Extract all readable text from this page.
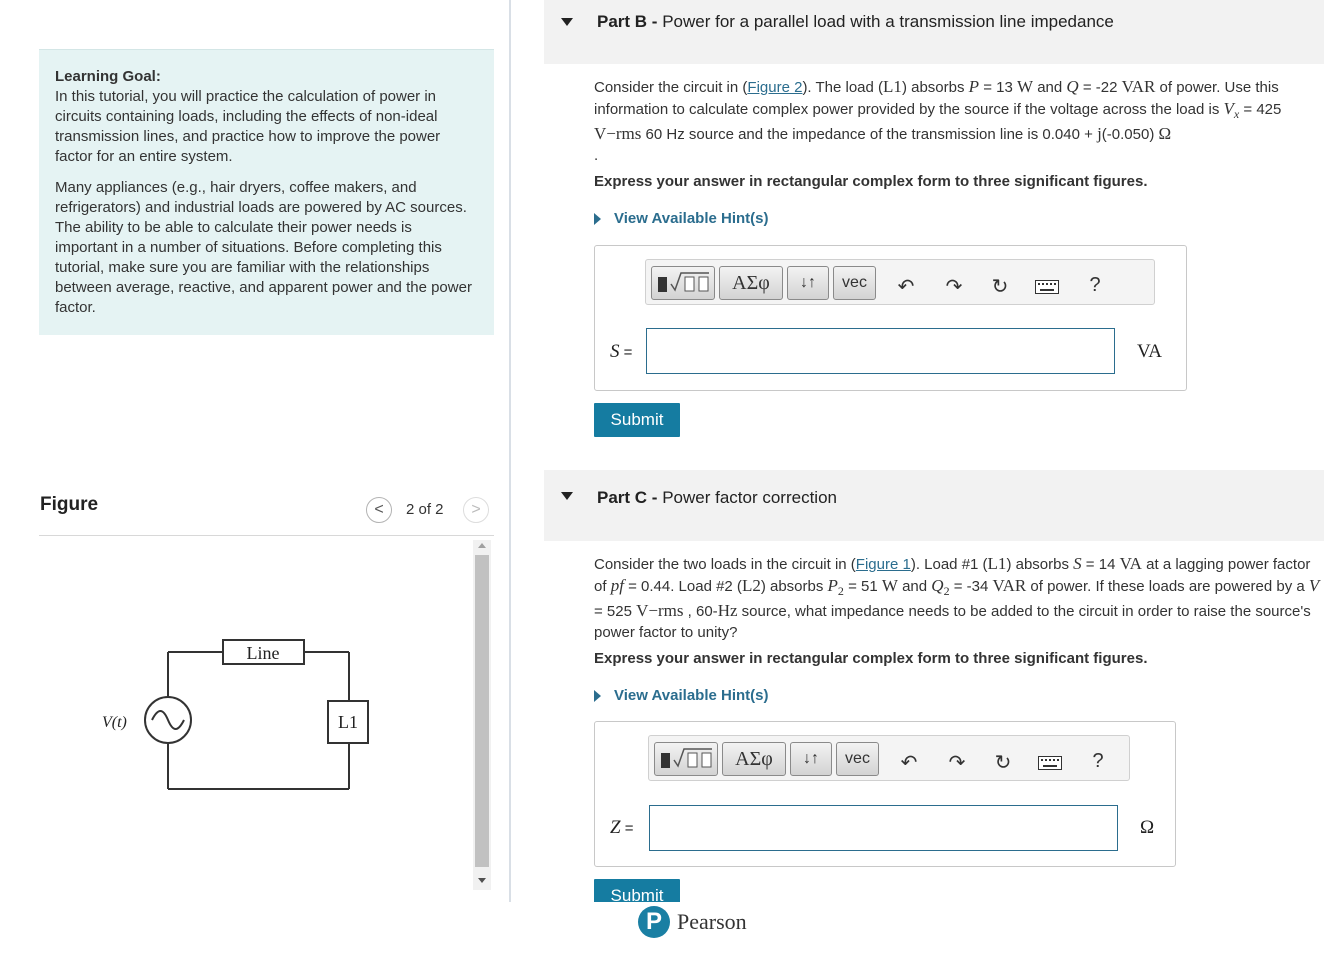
Learning Goal:
In this tutorial, you will practice the calculation of power in circuits containing loads, including the effects of non-ideal transmission lines, and practice how to improve the power factor for an entire system.

Many appliances (e.g., hair dryers, coffee makers, and refrigerators) and industrial loads are powered by AC sources. The ability to be able to calculate their power needs is important in a number of situations. Before completing this tutorial, make sure you are familiar with the relationships between average, reactive, and apparent power and the power factor.

Figure	< 2 of 2 >
Line
L1
V(t)
Part B - Power for a parallel load with a transmission line impedance
Consider the circuit in (Figure 2). The load (L1) absorbs P = 13 W and Q = -22 VAR of power. Use this information to calculate complex power provided by the source if the voltage across the load is $V_x = 425$ V−rms 60 Hz source and the impedance of the transmission line is 0.040 + j(-0.050) Ω
.
Express your answer in rectangular complex form to three significant figures.
View Available Hint(s)
ΑΣφ	↓↑	vec	↶ ↷ ↻	?
S =	VA
Submit
Part C - Power factor correction
Consider the two loads in the circuit in (Figure 1). Load #1 (L1) absorbs S = 14 VA at a lagging power factor of pf = 0.44. Load #2 (L2) absorbs $P_2 = 51$ W and $Q_2 = -34$ VAR of power. If these loads are powered by a V = 525 V−rms , 60-Hz source, what impedance needs to be added to the circuit in order to raise the source's power factor to unity?
Express your answer in rectangular complex form to three significant figures.
View Available Hint(s)
ΑΣφ	↓↑	vec	↶ ↷ ↻	?
Z =	Ω
Submit
P Pearson
